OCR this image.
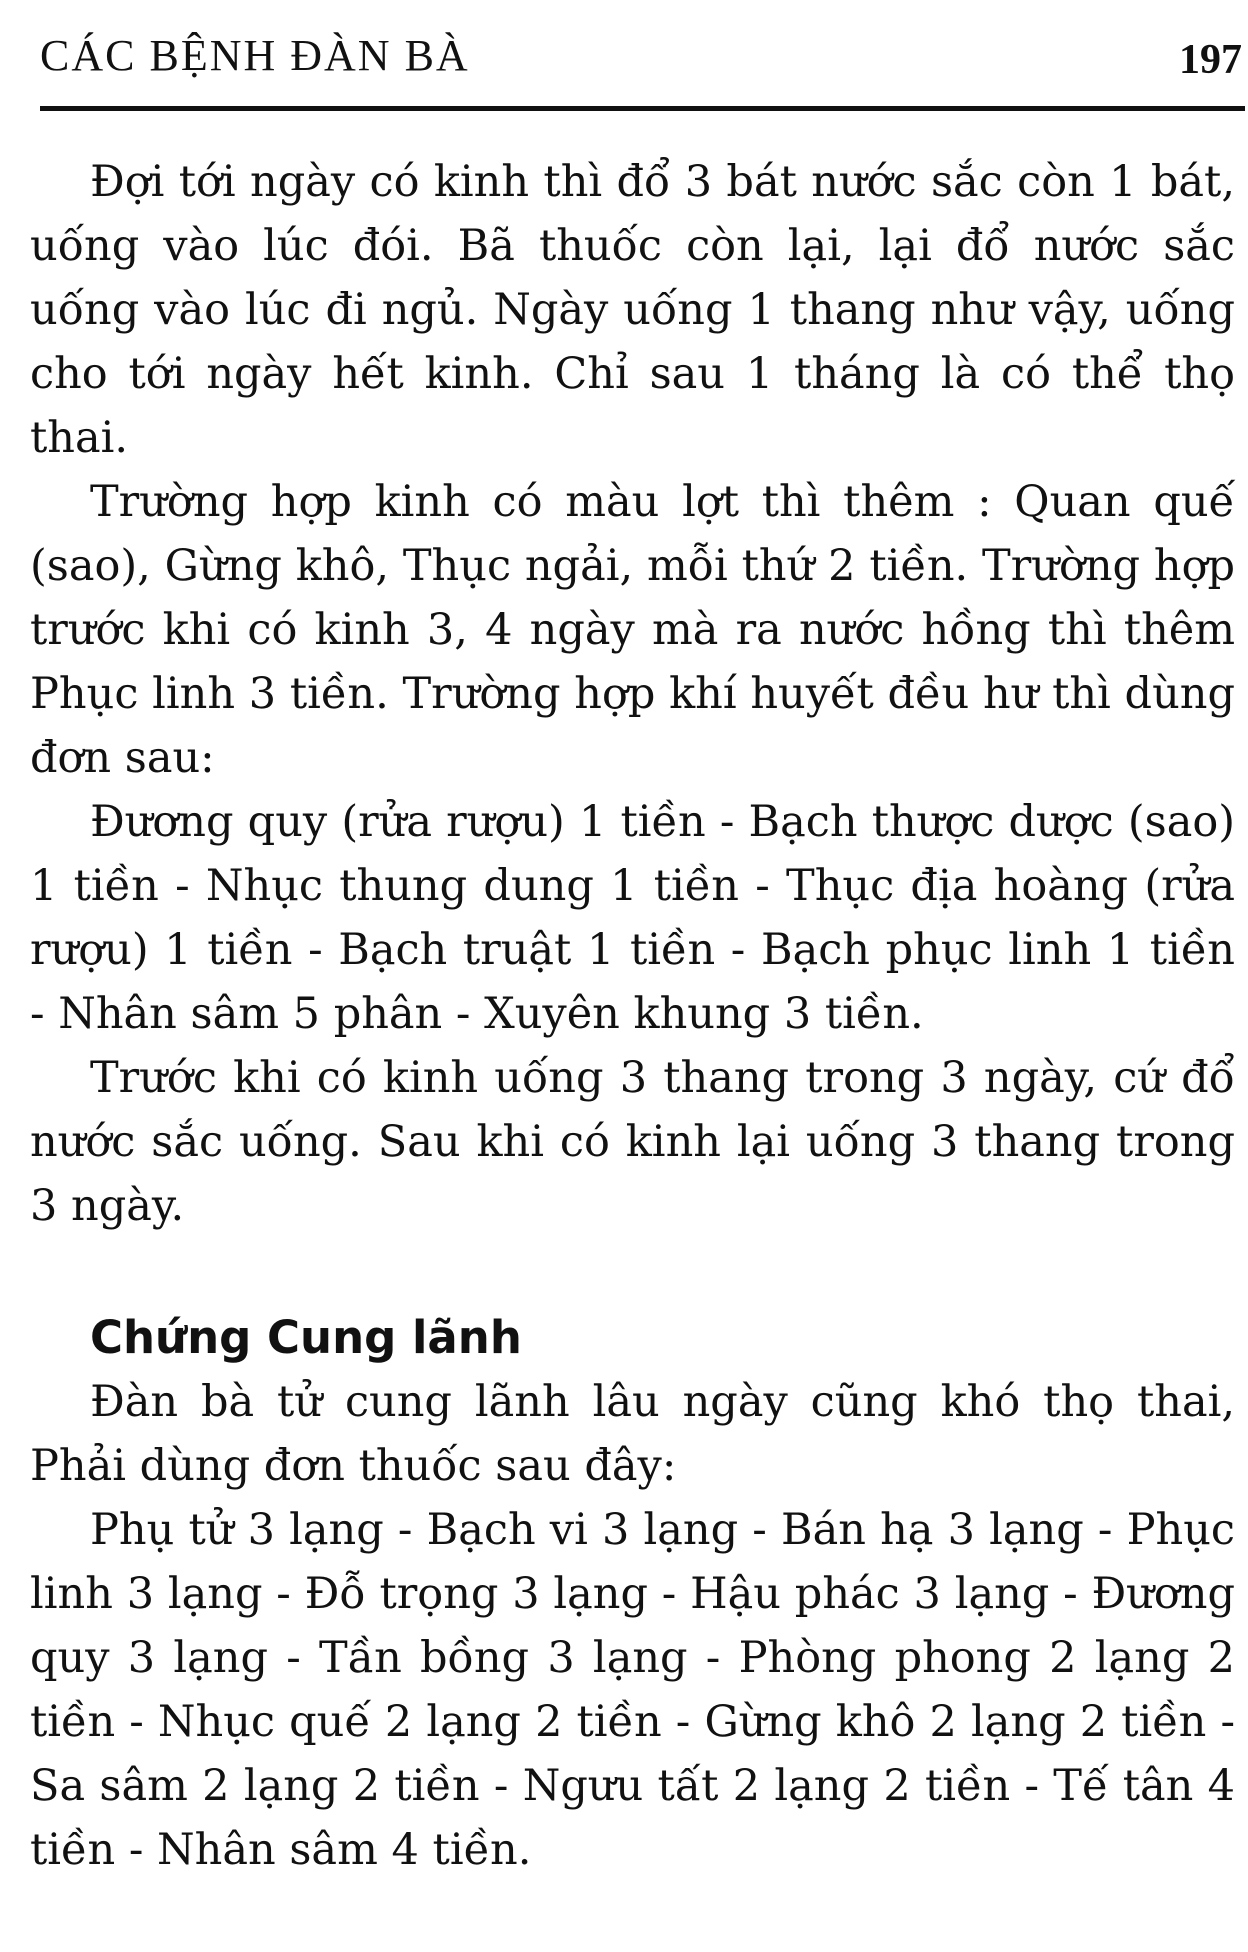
CÁC BỆNH ĐÀN BÀ	197

Đợi tới ngày có kinh thì đổ 3 bát nước sắc còn 1 bát, uống vào lúc đói. Bã thuốc còn lại, lại đổ nước sắc uống vào lúc đi ngủ. Ngày uống 1 thang như vậy, uống cho tới ngày hết kinh. Chỉ sau 1 tháng là có thể thọ thai.

Trường hợp kinh có màu lợt thì thêm : Quan quế (sao), Gừng khô, Thục ngải, mỗi thứ 2 tiền. Trường hợp trước khi có kinh 3, 4 ngày mà ra nước hồng thì thêm Phục linh 3 tiền. Trường hợp khí huyết đều hư thì dùng đơn sau:

Đương quy (rửa rượu) 1 tiền - Bạch thược dược (sao) 1 tiền - Nhục thung dung 1 tiền - Thục địa hoàng (rửa rượu) 1 tiền - Bạch truật 1 tiền - Bạch phục linh 1 tiền - Nhân sâm 5 phân - Xuyên khung 3 tiền.

Trước khi có kinh uống 3 thang trong 3 ngày, cứ đổ nước sắc uống. Sau khi có kinh lại uống 3 thang trong 3 ngày.

Chứng Cung lãnh

Đàn bà tử cung lãnh lâu ngày cũng khó thọ thai, Phải dùng đơn thuốc sau đây:

Phụ tử 3 lạng - Bạch vi 3 lạng - Bán hạ 3 lạng - Phục linh 3 lạng - Đỗ trọng 3 lạng - Hậu phác 3 lạng - Đương quy 3 lạng - Tần bồng 3 lạng - Phòng phong 2 lạng 2 tiền - Nhục quế 2 lạng 2 tiền - Gừng khô 2 lạng 2 tiền - Sa sâm 2 lạng 2 tiền - Ngưu tất 2 lạng 2 tiền - Tế tân 4 tiền - Nhân sâm 4 tiền.
